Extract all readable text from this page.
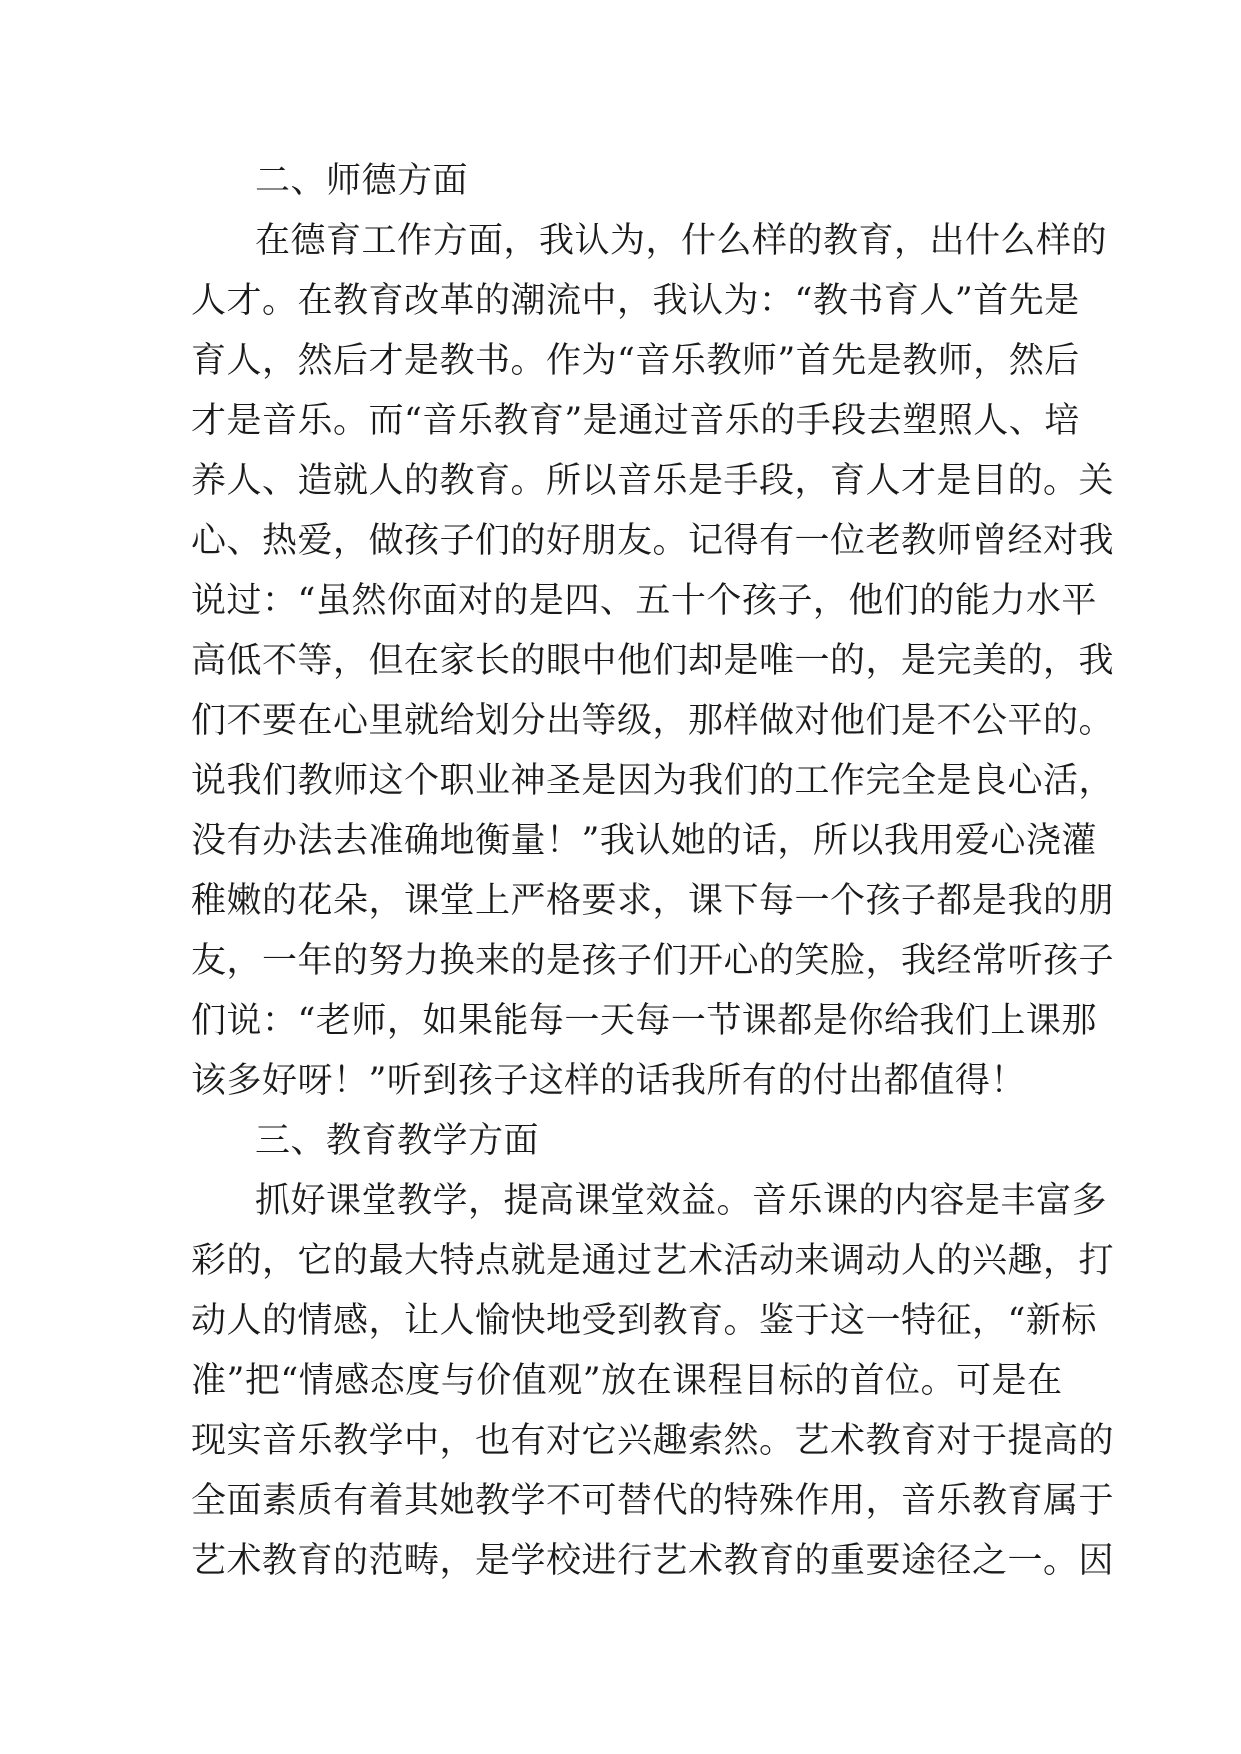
二、师德方面
在德育工作方面，我认为，什么样的教育，出什么样的
人才。在教育改革的潮流中，我认为：“教书育人”首先是
育人，然后才是教书。作为“音乐教师”首先是教师，然后
才是音乐。而“音乐教育”是通过音乐的手段去塑照人、培
养人、造就人的教育。所以音乐是手段，育人才是目的。关
心、热爱，做孩子们的好朋友。记得有一位老教师曾经对我
说过：“虽然你面对的是四、五十个孩子，他们的能力水平
高低不等，但在家长的眼中他们却是唯一的，是完美的，我
们不要在心里就给划分出等级，那样做对他们是不公平的。
说我们教师这个职业神圣是因为我们的工作完全是良心活，
没有办法去准确地衡量！”我认她的话，所以我用爱心浇灌
稚嫩的花朵，课堂上严格要求，课下每一个孩子都是我的朋
友，一年的努力换来的是孩子们开心的笑脸，我经常听孩子
们说：“老师，如果能每一天每一节课都是你给我们上课那
该多好呀！”听到孩子这样的话我所有的付出都值得！
三、教育教学方面
抓好课堂教学，提高课堂效益。音乐课的内容是丰富多
彩的，它的最大特点就是通过艺术活动来调动人的兴趣，打
动人的情感，让人愉快地受到教育。鉴于这一特征，“新标
准”把“情感态度与价值观”放在课程目标的首位。可是在
现实音乐教学中，也有对它兴趣索然。艺术教育对于提高的
全面素质有着其她教学不可替代的特殊作用，音乐教育属于
艺术教育的范畴，是学校进行艺术教育的重要途径之一。因
